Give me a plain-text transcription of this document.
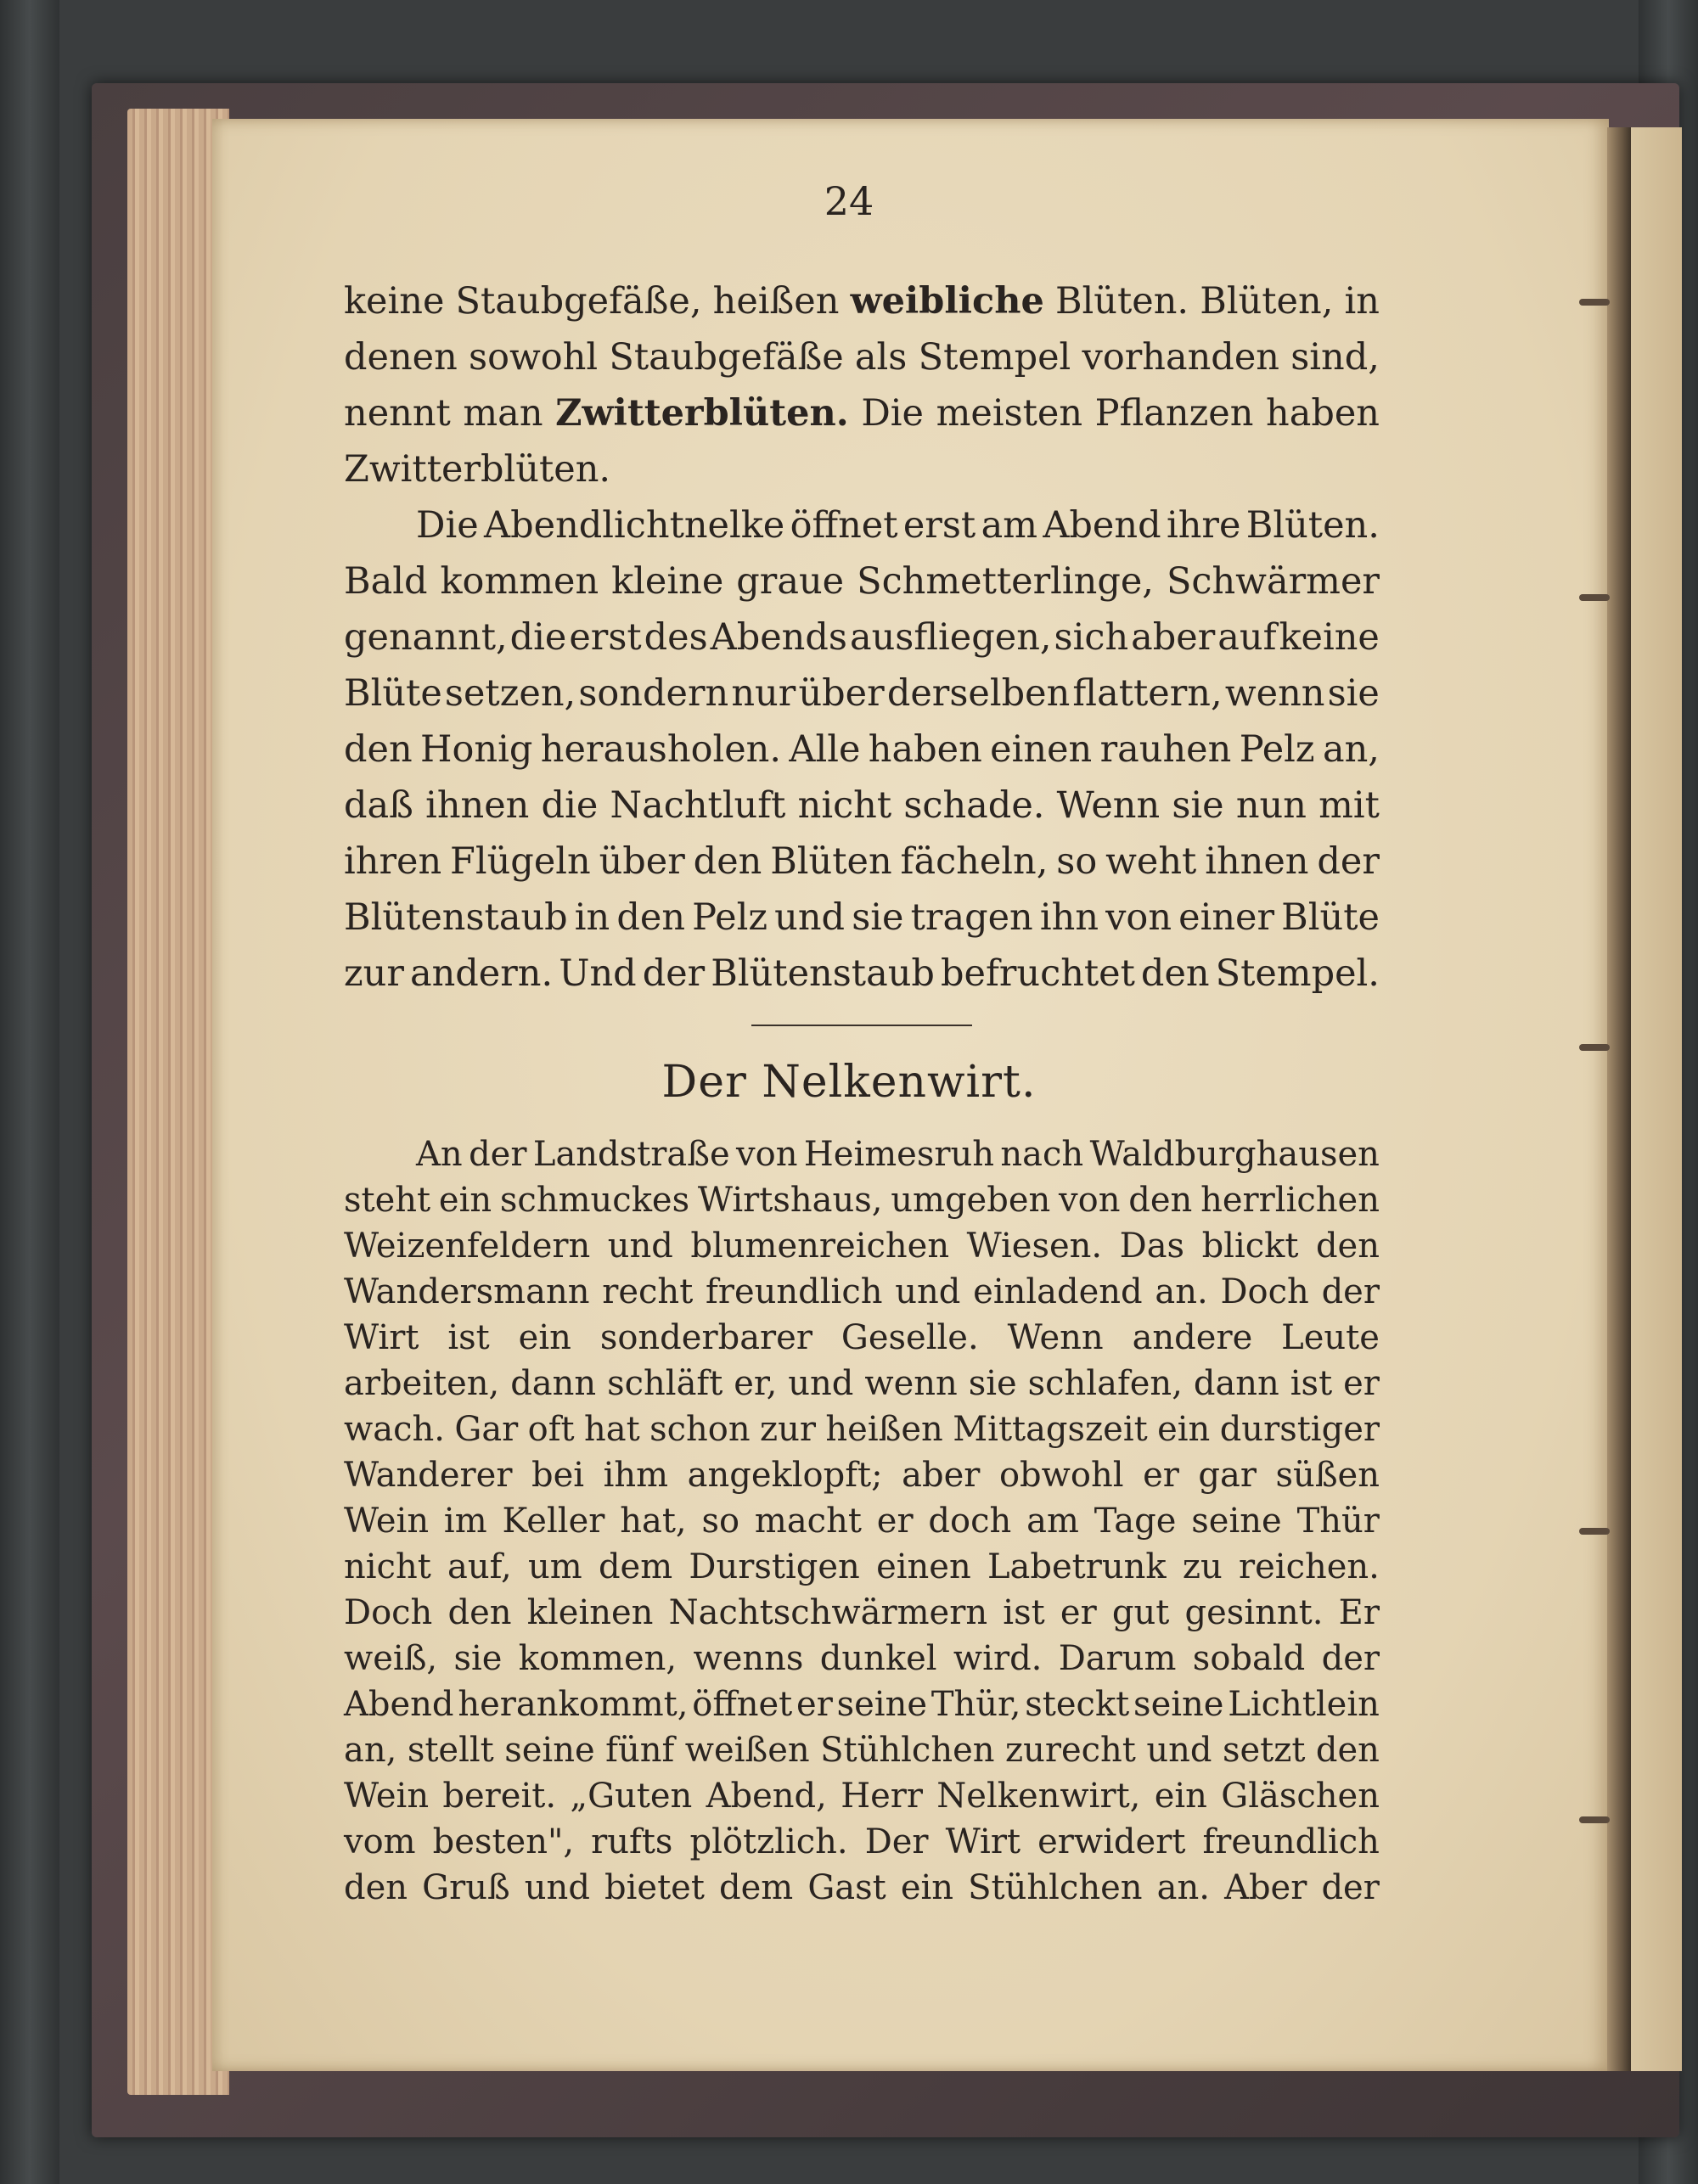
24
keine Staubgefäße, heißen weibliche Blüten. Blüten, in
denen sowohl Staubgefäße als Stempel vorhanden sind,
nennt man Zwitterblüten. Die meisten Pflanzen haben
Zwitterblüten.
Die Abendlichtnelke öffnet erst am Abend ihre Blüten.
Bald kommen kleine graue Schmetterlinge, Schwärmer
genannt, die erst des Abends ausfliegen, sich aber auf keine
Blüte setzen, sondern nur über derselben flattern, wenn sie
den Honig herausholen. Alle haben einen rauhen Pelz an,
daß ihnen die Nachtluft nicht schade. Wenn sie nun mit
ihren Flügeln über den Blüten fächeln, so weht ihnen der
Blütenstaub in den Pelz und sie tragen ihn von einer Blüte
zur andern. Und der Blütenstaub befruchtet den Stempel.
Der Nelkenwirt.
An der Landstraße von Heimesruh nach Waldburghausen
steht ein schmuckes Wirtshaus, umgeben von den herrlichen
Weizenfeldern und blumenreichen Wiesen. Das blickt den
Wandersmann recht freundlich und einladend an. Doch der
Wirt ist ein sonderbarer Geselle. Wenn andere Leute
arbeiten, dann schläft er, und wenn sie schlafen, dann ist er
wach. Gar oft hat schon zur heißen Mittagszeit ein durstiger
Wanderer bei ihm angeklopft; aber obwohl er gar süßen
Wein im Keller hat, so macht er doch am Tage seine Thür
nicht auf, um dem Durstigen einen Labetrunk zu reichen.
Doch den kleinen Nachtschwärmern ist er gut gesinnt. Er
weiß, sie kommen, wenns dunkel wird. Darum sobald der
Abend herankommt, öffnet er seine Thür, steckt seine Lichtlein
an, stellt seine fünf weißen Stühlchen zurecht und setzt den
Wein bereit. „Guten Abend, Herr Nelkenwirt, ein Gläschen
vom besten", rufts plötzlich. Der Wirt erwidert freundlich
den Gruß und bietet dem Gast ein Stühlchen an. Aber der
